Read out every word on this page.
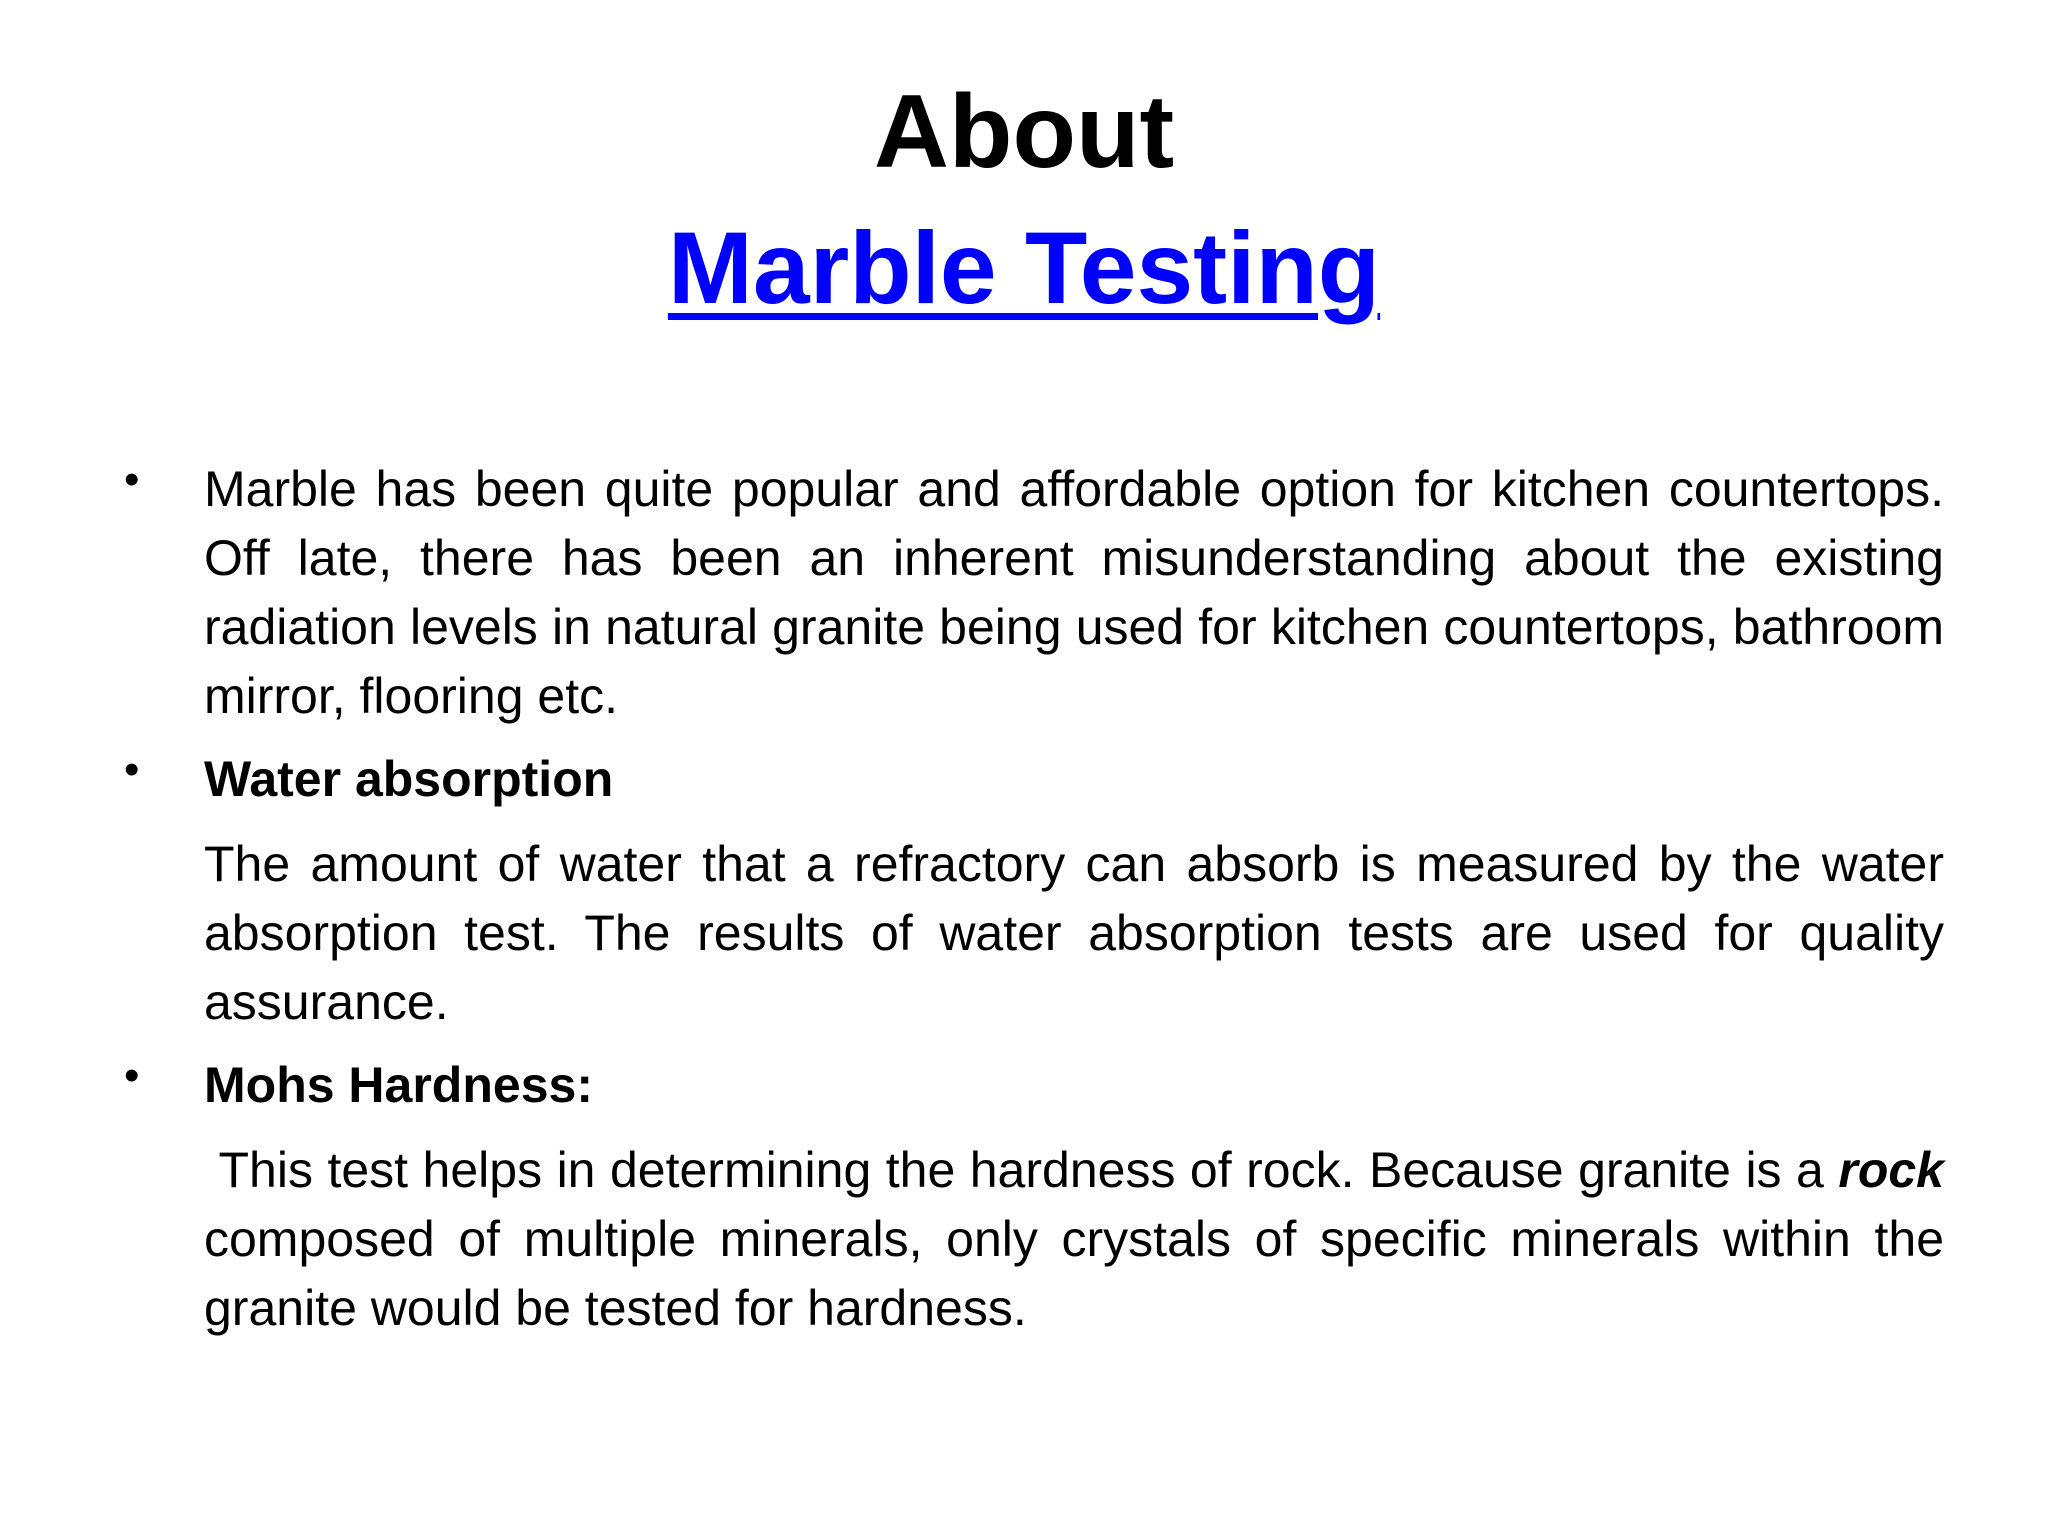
About
Marble Testing
•	Marble has been quite popular and affordable option for kitchen countertops. Off late, there has been an inherent misunderstanding about the existing radiation levels in natural granite being used for kitchen countertops, bathroom mirror, flooring etc.

•	Water absorption

The amount of water that a refractory can absorb is measured by the water absorption test. The results of water absorption tests are used for quality assurance.

•	Mohs Hardness:

This test helps in determining the hardness of rock. Because granite is a rock composed of multiple minerals, only crystals of specific minerals within the granite would be tested for hardness.
